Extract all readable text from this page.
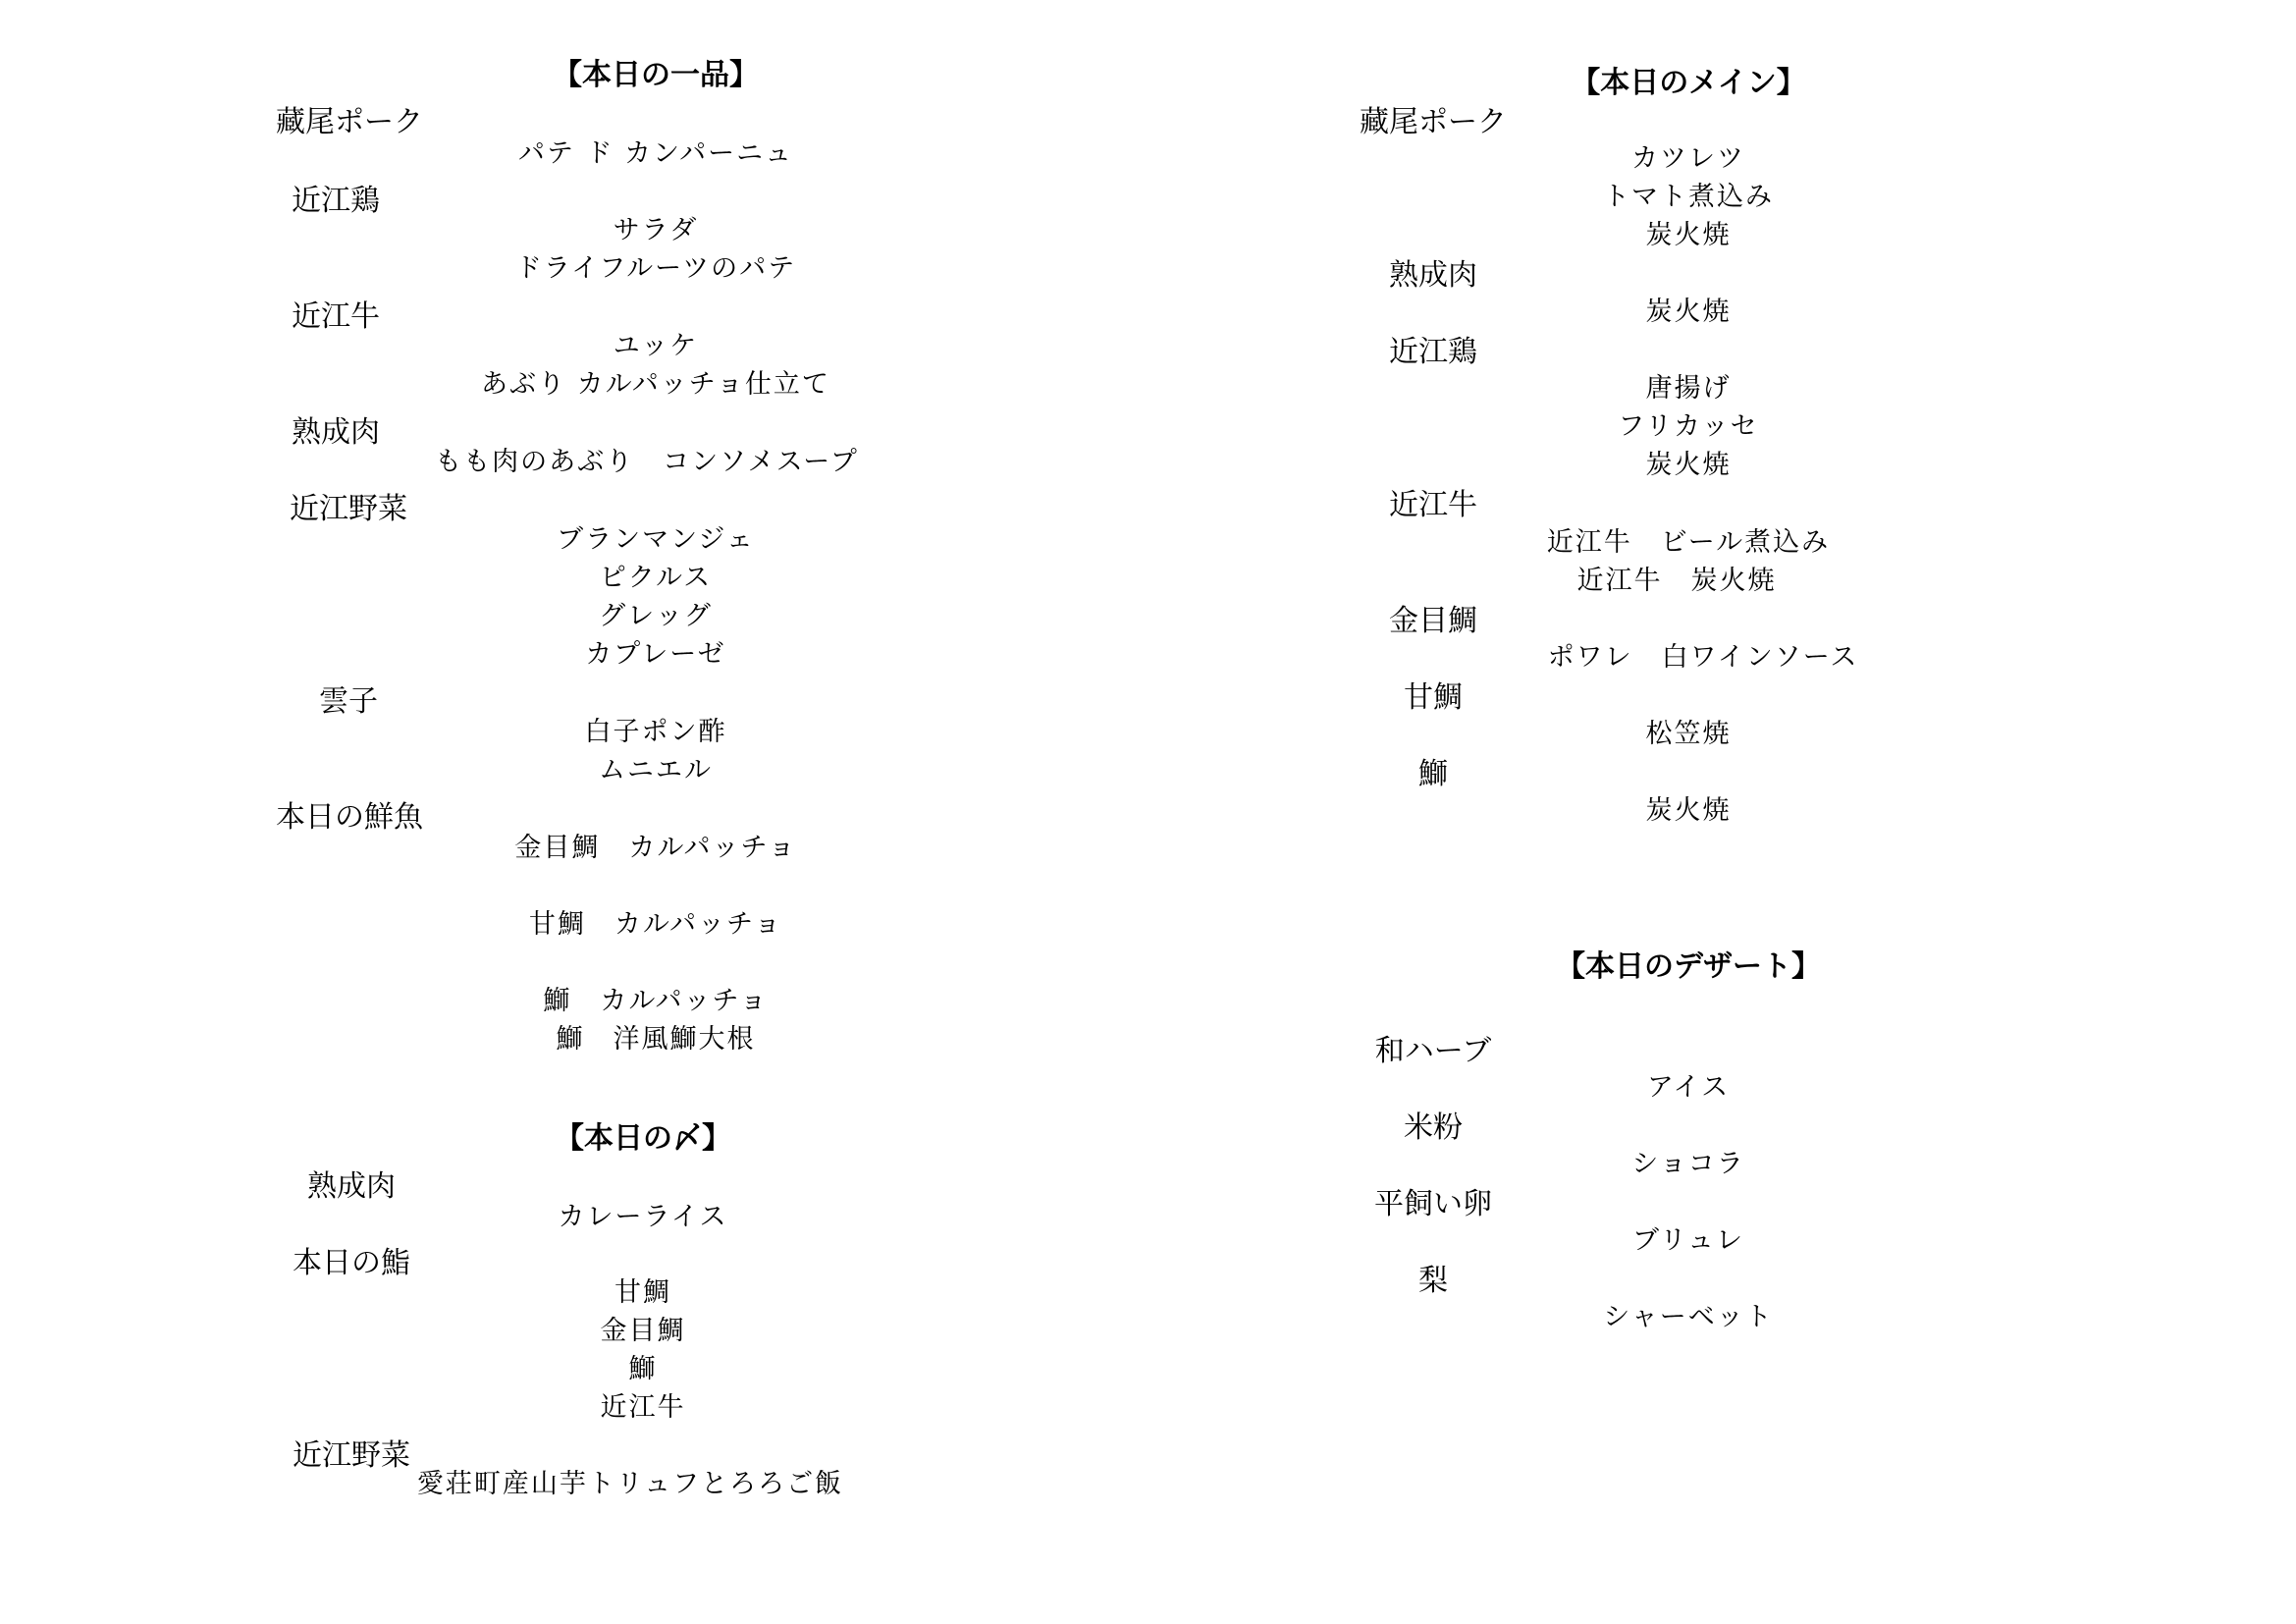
【本日の一品】
藏尾ポーク
パテ ド カンパーニュ
近江鶏
サラダ
ドライフルーツのパテ
近江牛
ユッケ
あぶり カルパッチョ仕立て
熟成肉
もも肉のあぶり　コンソメスープ
近江野菜
ブランマンジェ
ピクルス
グレッグ
カプレーゼ
雲子
白子ポン酢
ムニエル
本日の鮮魚
金目鯛　カルパッチョ
甘鯛　カルパッチョ
鰤　カルパッチョ
鰤　洋風鰤大根
【本日の〆】
熟成肉
カレーライス
本日の鮨
甘鯛
金目鯛
鰤
近江牛
近江野菜
愛荘町産山芋トリュフとろろご飯
【本日のメイン】
藏尾ポーク
カツレツ
トマト煮込み
炭火焼
熟成肉
炭火焼
近江鶏
唐揚げ
フリカッセ
炭火焼
近江牛
近江牛　ビール煮込み
近江牛　炭火焼
金目鯛
ポワレ　白ワインソース
甘鯛
松笠焼
鰤
炭火焼
【本日のデザート】
和ハーブ
アイス
米粉
ショコラ
平飼い卵
ブリュレ
梨
シャーベット
